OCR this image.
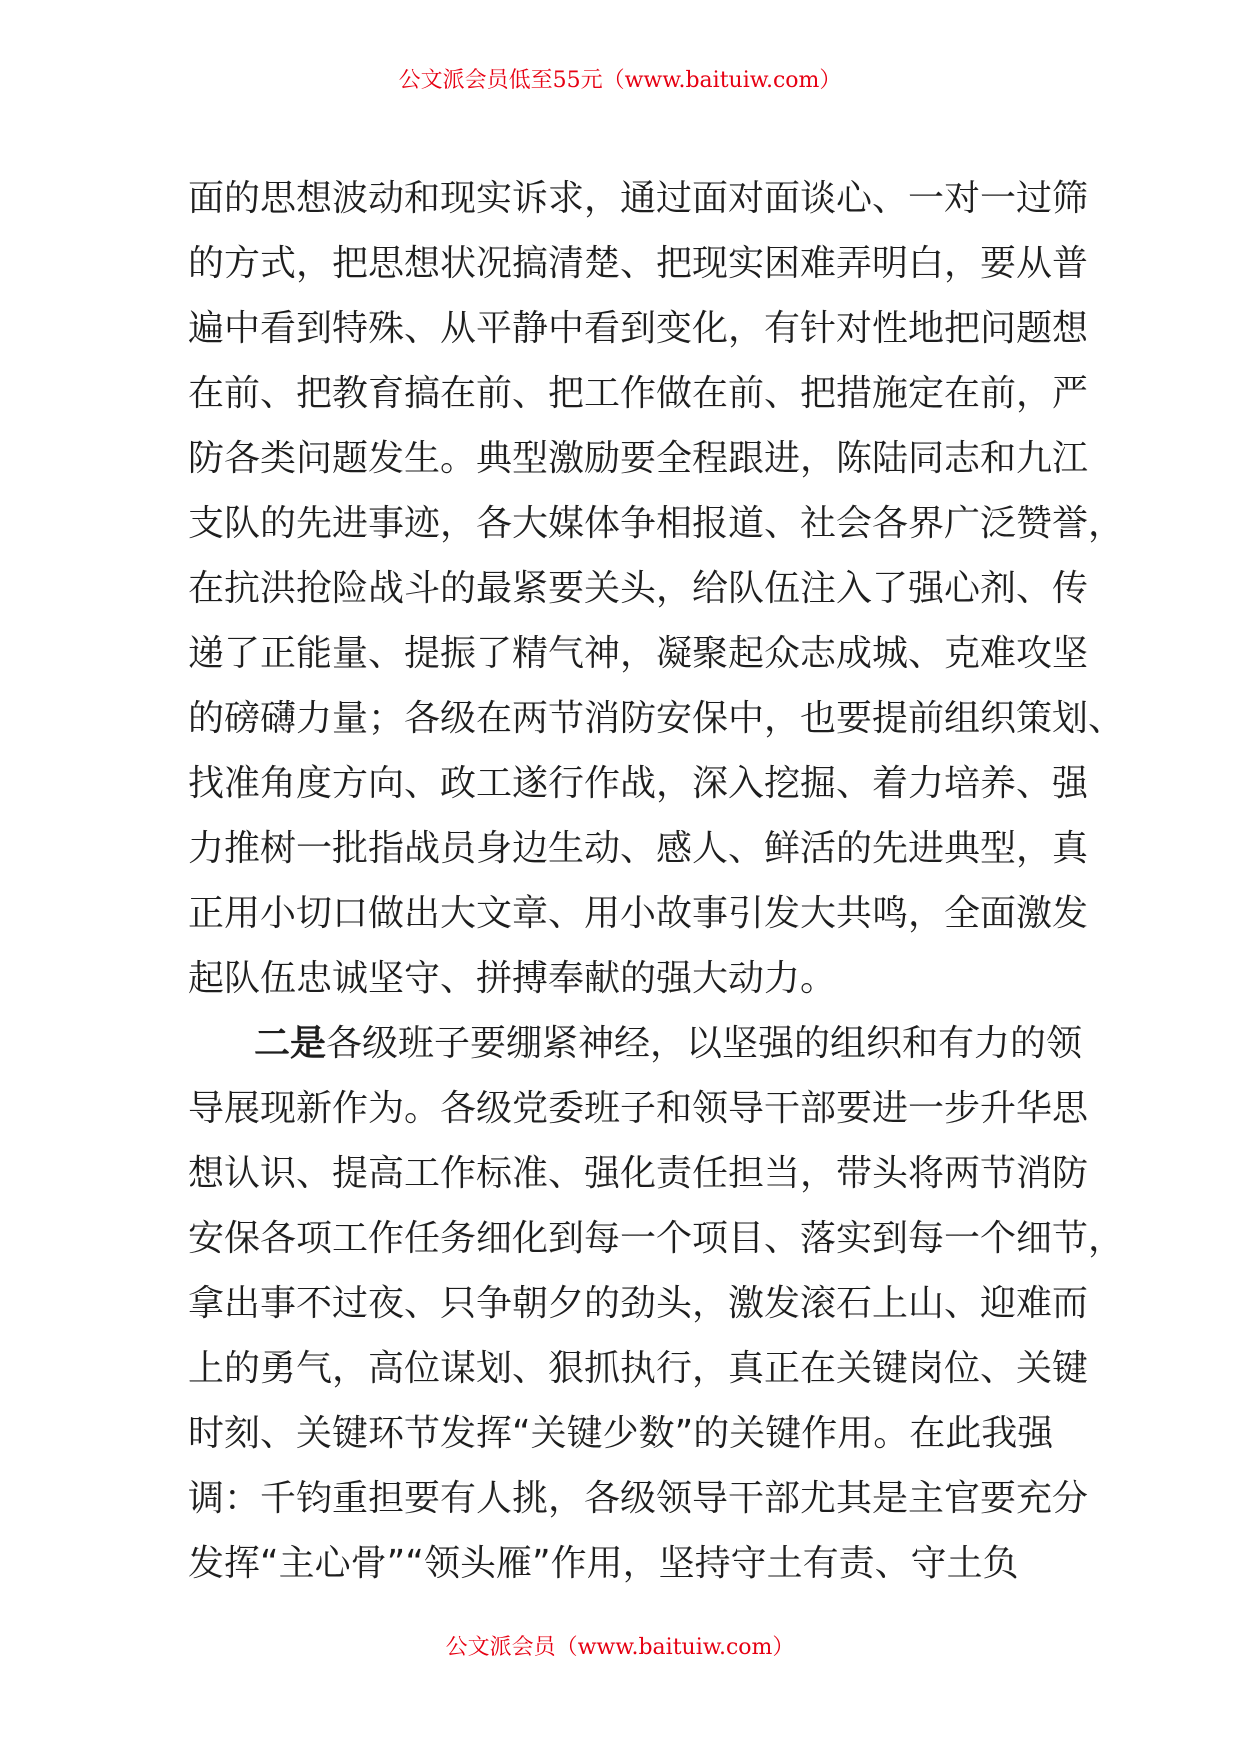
公文派会员低至55元（www.baituiw.com）
面的思想波动和现实诉求，通过面对面谈心、一对一过筛
的方式，把思想状况搞清楚、把现实困难弄明白，要从普
遍中看到特殊、从平静中看到变化，有针对性地把问题想
在前、把教育搞在前、把工作做在前、把措施定在前，严
防各类问题发生。典型激励要全程跟进，陈陆同志和九江
支队的先进事迹，各大媒体争相报道、社会各界广泛赞誉，
在抗洪抢险战斗的最紧要关头，给队伍注入了强心剂、传
递了正能量、提振了精气神，凝聚起众志成城、克难攻坚
的磅礴力量；各级在两节消防安保中，也要提前组织策划、
找准角度方向、政工遂行作战，深入挖掘、着力培养、强
力推树一批指战员身边生动、感人、鲜活的先进典型，真
正用小切口做出大文章、用小故事引发大共鸣，全面激发
起队伍忠诚坚守、拼搏奉献的强大动力。
二是各级班子要绷紧神经，以坚强的组织和有力的领
导展现新作为。各级党委班子和领导干部要进一步升华思
想认识、提高工作标准、强化责任担当，带头将两节消防
安保各项工作任务细化到每一个项目、落实到每一个细节，
拿出事不过夜、只争朝夕的劲头，激发滚石上山、迎难而
上的勇气，高位谋划、狠抓执行，真正在关键岗位、关键
时刻、关键环节发挥“关键少数”的关键作用。在此我强
调：千钧重担要有人挑，各级领导干部尤其是主官要充分
发挥“主心骨”“领头雁”作用，坚持守土有责、守土负
公文派会员（www.baituiw.com）
